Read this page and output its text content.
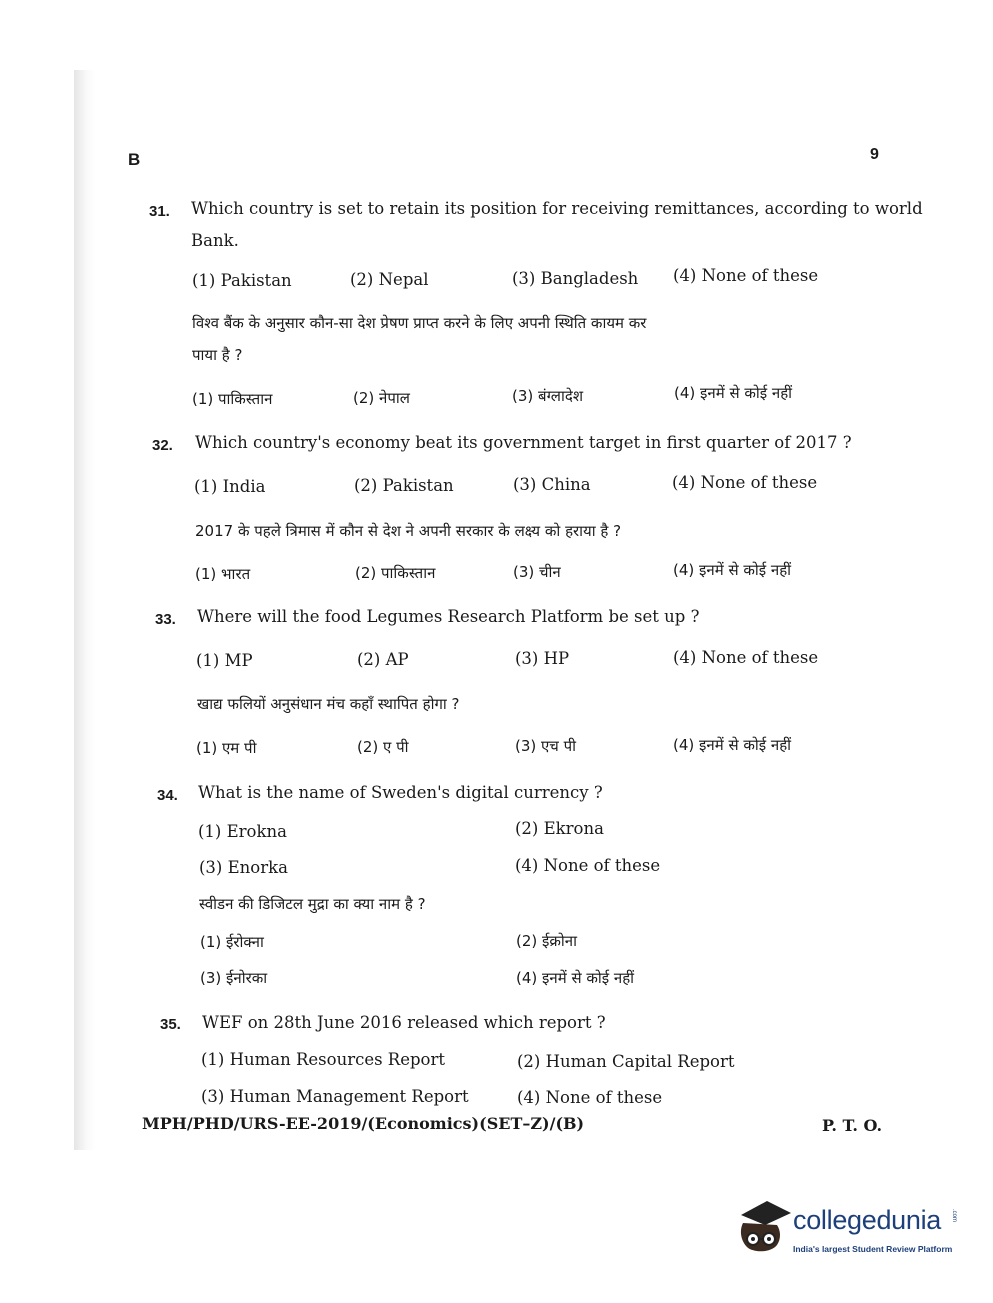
B	9
31. Which country is set to retain its position for receiving remittances, according to world
Bank.
(1) Pakistan	(2) Nepal	(3) Bangladesh (4) None of these
विश्व बैंक के अनुसार कौन-सा देश प्रेषण प्राप्त करने के लिए अपनी स्थिति कायम कर
पाया है ?
(1) पाकिस्तान	(2) नेपाल	(3) बंग्लादेश	(4) इनमें से कोई नहीं
32. Which country's economy beat its government target in first quarter of 2017 ?
(1) India	(2) Pakistan	(3) China	(4) None of these
2017 के पहले त्रिमास में कौन से देश ने अपनी सरकार के लक्ष्य को हराया है ?
(1) भारत	(2) पाकिस्तान	(3) चीन	(4) इनमें से कोई नहीं
33. Where will the food Legumes Research Platform be set up ?
(1) MP	(2) AP	(3) HP	(4) None of these
खाद्य फलियों अनुसंधान मंच कहाँ स्थापित होगा ?
(1) एम पी	(2) ए पी	(3) एच पी	(4) इनमें से कोई नहीं
34. What is the name of Sweden's digital currency ?
(1) Erokna	(2) Ekrona
(3) Enorka	(4) None of these
स्वीडन की डिजिटल मुद्रा का क्या नाम है ?
(1) ईरोक्ना	(2) ईक्रोना
(3) ईनोरका	(4) इनमें से कोई नहीं
35. WEF on 28th June 2016 released which report ?
(1) Human Resources Report	(2) Human Capital Report
(3) Human Management Report	(4) None of these
MPH/PHD/URS-EE-2019/(Economics)(SET–Z)/(B)	P. T. O.
collegedunia .com
India's largest Student Review Platform
